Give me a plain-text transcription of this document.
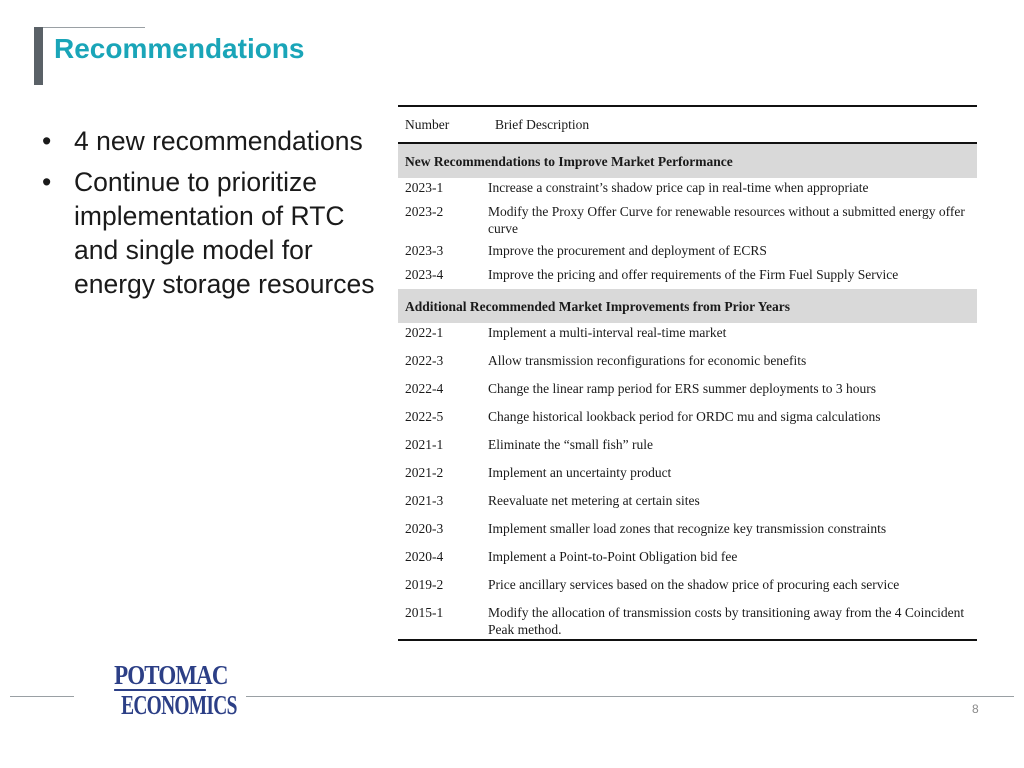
Recommendations
• 4 new recommendations
• Continue to prioritize implementation of RTC and single model for energy storage resources
Number	Brief Description
New Recommendations to Improve Market Performance	
2023-1	Increase a constraint’s shadow price cap in real-time when appropriate
2023-2	Modify the Proxy Offer Curve for renewable resources without a submitted energy offer curve
2023-3	Improve the procurement and deployment of ECRS
2023-4	Improve the pricing and offer requirements of the Firm Fuel Supply Service
Additional Recommended Market Improvements from Prior Years	
2022-1	Implement a multi-interval real-time market
2022-3	Allow transmission reconfigurations for economic benefits
2022-4	Change the linear ramp period for ERS summer deployments to 3 hours
2022-5	Change historical lookback period for ORDC mu and sigma calculations
2021-1	Eliminate the “small fish” rule
2021-2	Implement an uncertainty product
2021-3	Reevaluate net metering at certain sites
2020-3	Implement smaller load zones that recognize key transmission constraints
2020-4	Implement a Point-to-Point Obligation bid fee
2019-2	Price ancillary services based on the shadow price of procuring each service
2015-1	Modify the allocation of transmission costs by transitioning away from the 4 Coincident Peak method.
POTOMAC
ECONOMICS	8
